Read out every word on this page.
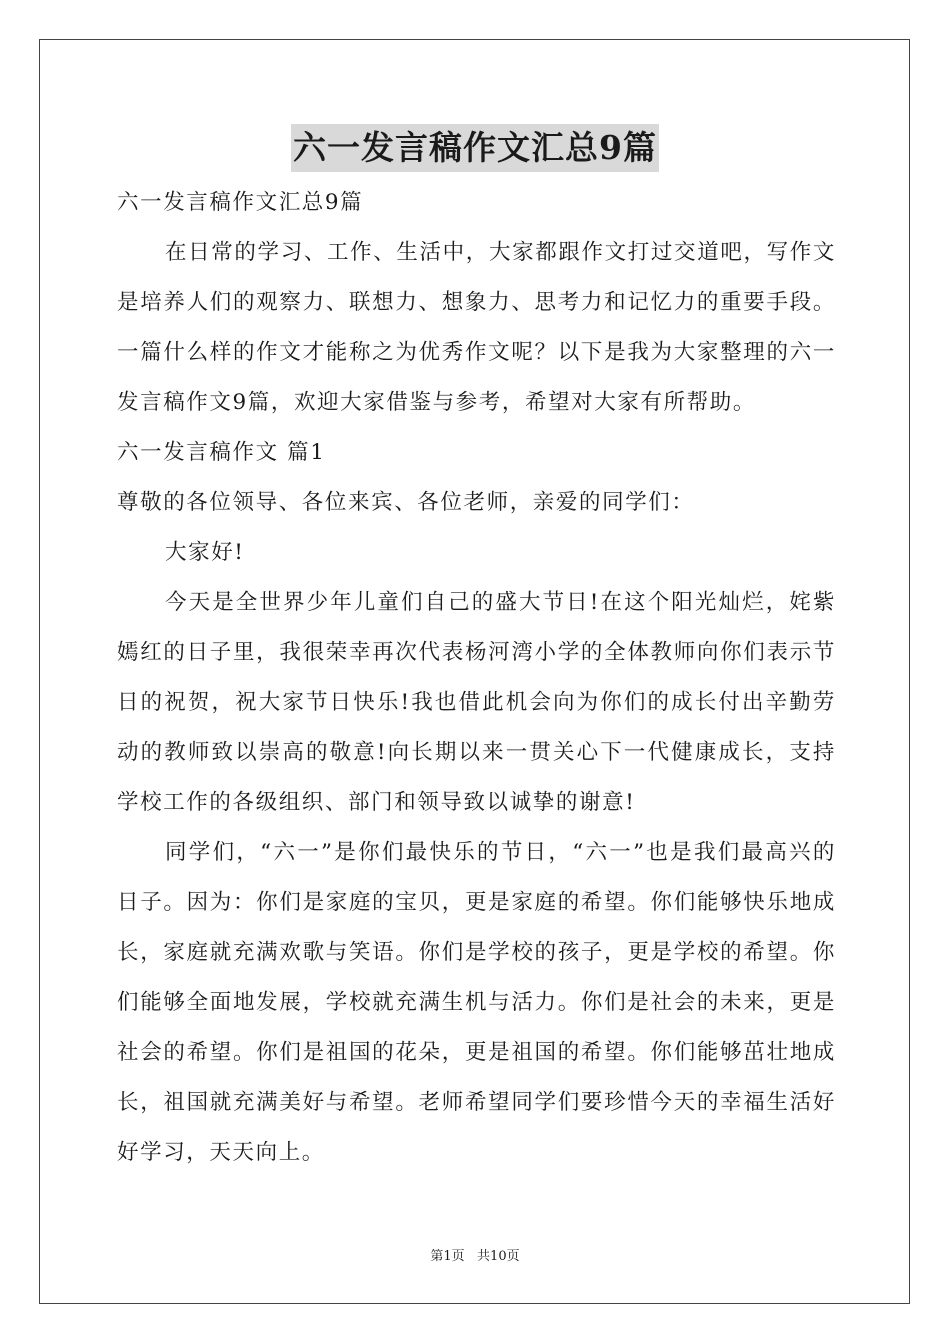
六一发言稿作文汇总9篇

六一发言稿作文汇总9篇

在日常的学习、工作、生活中，大家都跟作文打过交道吧，写作文是培养人们的观察力、联想力、想象力、思考力和记忆力的重要手段。一篇什么样的作文才能称之为优秀作文呢？以下是我为大家整理的六一发言稿作文9篇，欢迎大家借鉴与参考，希望对大家有所帮助。

六一发言稿作文 篇1

尊敬的各位领导、各位来宾、各位老师，亲爱的同学们：

大家好!

今天是全世界少年儿童们自己的盛大节日!在这个阳光灿烂，姹紫嫣红的日子里，我很荣幸再次代表杨河湾小学的全体教师向你们表示节日的祝贺，祝大家节日快乐!我也借此机会向为你们的成长付出辛勤劳动的教师致以崇高的敬意!向长期以来一贯关心下一代健康成长，支持学校工作的各级组织、部门和领导致以诚挚的谢意!

同学们，“六一”是你们最快乐的节日，“六一”也是我们最高兴的日子。因为：你们是家庭的宝贝，更是家庭的希望。你们能够快乐地成长，家庭就充满欢歌与笑语。你们是学校的孩子，更是学校的希望。你们能够全面地发展，学校就充满生机与活力。你们是社会的未来，更是社会的希望。你们是祖国的花朵，更是祖国的希望。你们能够茁壮地成长，祖国就充满美好与希望。老师希望同学们要珍惜今天的幸福生活好好学习，天天向上。

第1页   共10页
